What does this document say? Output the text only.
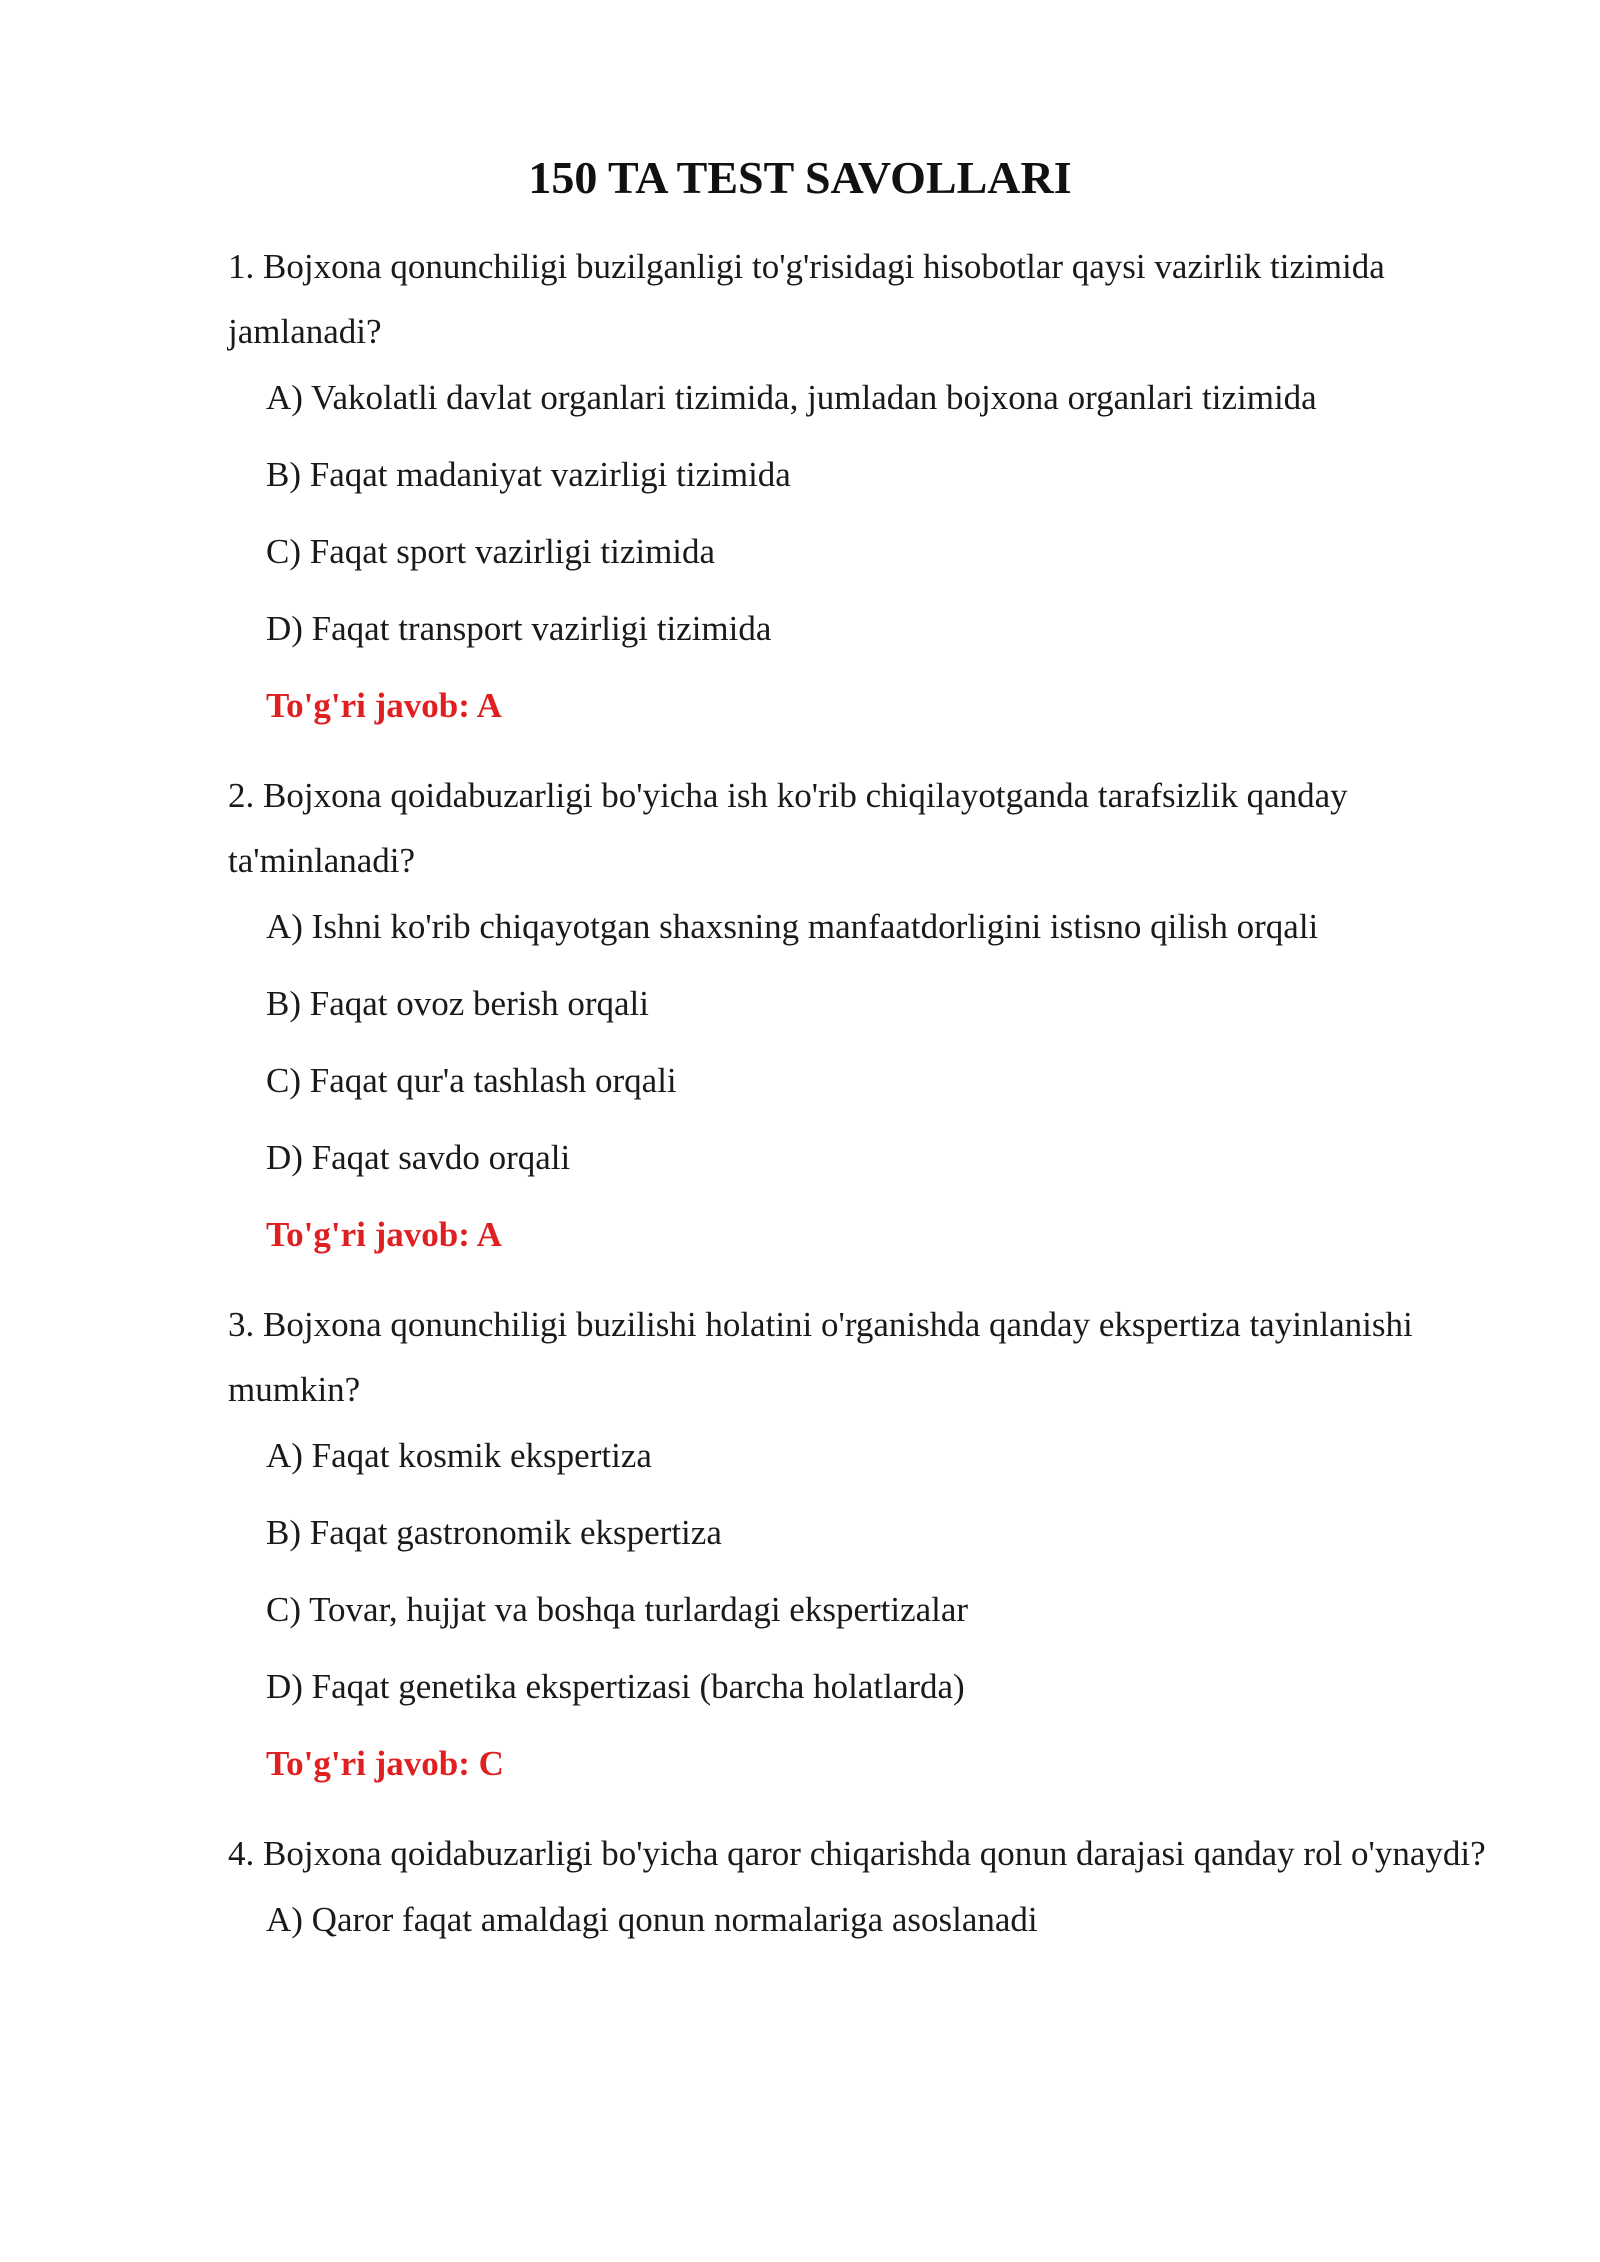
150 TA TEST SAVOLLARI

1. Bojxona qonunchiligi buzilganligi to'g'risidagi hisobotlar qaysi vazirlik tizimida jamlanadi?

A) Vakolatli davlat organlari tizimida, jumladan bojxona organlari tizimida
B) Faqat madaniyat vazirligi tizimida
C) Faqat sport vazirligi tizimida
D) Faqat transport vazirligi tizimida

To'g'ri javob: A

2. Bojxona qoidabuzarligi bo'yicha ish ko'rib chiqilayotganda tarafsizlik qanday ta'minlanadi?

A) Ishni ko'rib chiqayotgan shaxsning manfaatdorligini istisno qilish orqali
B) Faqat ovoz berish orqali
C) Faqat qur'a tashlash orqali
D) Faqat savdo orqali

To'g'ri javob: A

3. Bojxona qonunchiligi buzilishi holatini o'rganishda qanday ekspertiza tayinlanishi mumkin?

A) Faqat kosmik ekspertiza
B) Faqat gastronomik ekspertiza
C) Tovar, hujjat va boshqa turlardagi ekspertizalar
D) Faqat genetika ekspertizasi (barcha holatlarda)

To'g'ri javob: C

4. Bojxona qoidabuzarligi bo'yicha qaror chiqarishda qonun darajasi qanday rol o'ynaydi?

A) Qaror faqat amaldagi qonun normalariga asoslanadi
